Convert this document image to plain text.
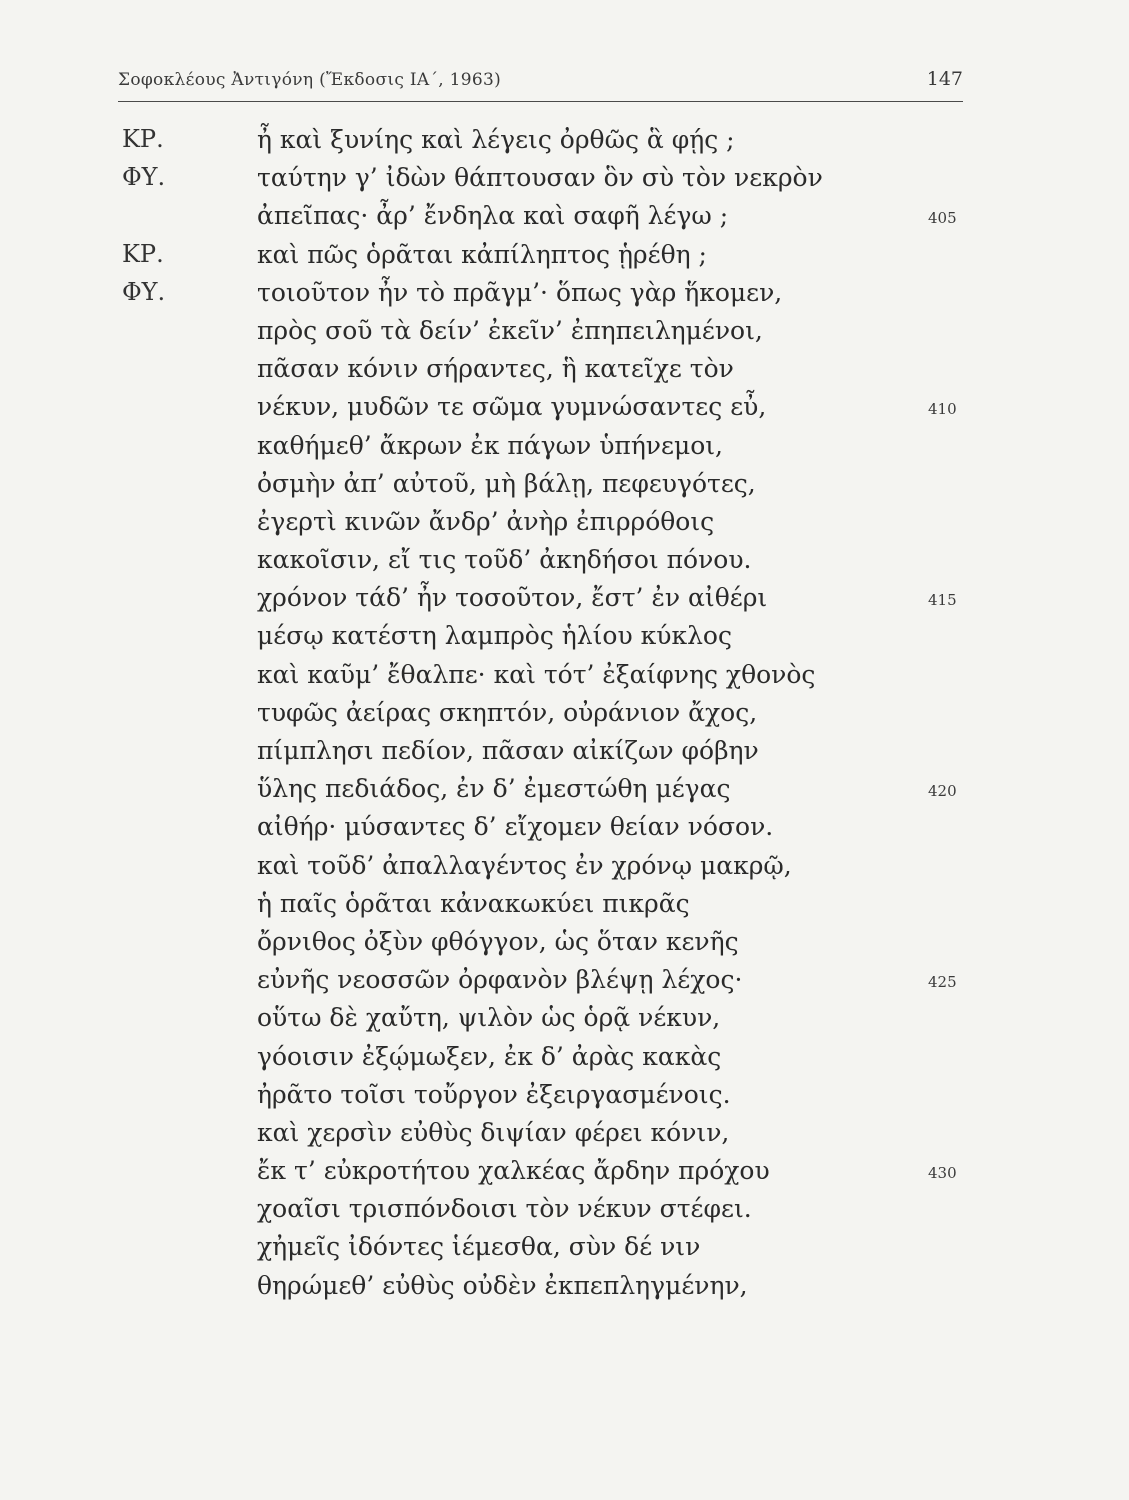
Σοφοκλέους Ἀντιγόνη (Ἔκδοσις ΙΑ΄, 1963)	147
ΚΡ.	ἦ καὶ ξυνίης καὶ λέγεις ὀρθῶς ἃ φῄς ;
ΦΥ.	ταύτην γ’ ἰδὼν θάπτουσαν ὃν σὺ τὸν νεκρὸν
ἀπεῖπας· ἆρ’ ἔνδηλα καὶ σαφῆ λέγω ;	405
ΚΡ.	καὶ πῶς ὁρᾶται κἀπίληπτος ᾑρέθη ;
ΦΥ.	τοιοῦτον ἦν τὸ πρᾶγμ’· ὅπως γὰρ ἥκομεν,
πρὸς σοῦ τὰ δείν’ ἐκεῖν’ ἐπηπειλημένοι,
πᾶσαν κόνιν σήραντες, ἣ κατεῖχε τὸν
νέκυν, μυδῶν τε σῶμα γυμνώσαντες εὖ,	410
καθήμεθ’ ἄκρων ἐκ πάγων ὑπήνεμοι,
ὀσμὴν ἀπ’ αὐτοῦ, μὴ βάλῃ, πεφευγότες,
ἐγερτὶ κινῶν ἄνδρ’ ἀνὴρ ἐπιρρόθοις
κακοῖσιν, εἴ τις τοῦδ’ ἀκηδήσοι πόνου.
χρόνον τάδ’ ἦν τοσοῦτον, ἔστ’ ἐν αἰθέρι	415
μέσῳ κατέστη λαμπρὸς ἡλίου κύκλος
καὶ καῦμ’ ἔθαλπε· καὶ τότ’ ἐξαίφνης χθονὸς
τυφῶς ἀείρας σκηπτόν, οὐράνιον ἄχος,
πίμπλησι πεδίον, πᾶσαν αἰκίζων φόβην
ὕλης πεδιάδος, ἐν δ’ ἐμεστώθη μέγας	420
αἰθήρ· μύσαντες δ’ εἴχομεν θείαν νόσον.
καὶ τοῦδ’ ἀπαλλαγέντος ἐν χρόνῳ μακρῷ,
ἡ παῖς ὁρᾶται κἀνακωκύει πικρᾶς
ὄρνιθος ὀξὺν φθόγγον, ὡς ὅταν κενῆς
εὐνῆς νεοσσῶν ὀρφανὸν βλέψῃ λέχος·	425
οὕτω δὲ χαὔτη, ψιλὸν ὡς ὁρᾷ νέκυν,
γόοισιν ἐξῴμωξεν, ἐκ δ’ ἀρὰς κακὰς
ἠρᾶτο τοῖσι τοὔργον ἐξειργασμένοις.
καὶ χερσὶν εὐθὺς διψίαν φέρει κόνιν,
ἔκ τ’ εὐκροτήτου χαλκέας ἄρδην πρόχου	430
χοαῖσι τρισπόνδοισι τὸν νέκυν στέφει.
χἠμεῖς ἰδόντες ἱέμεσθα, σὺν δέ νιν
θηρώμεθ’ εὐθὺς οὐδὲν ἐκπεπληγμένην,
